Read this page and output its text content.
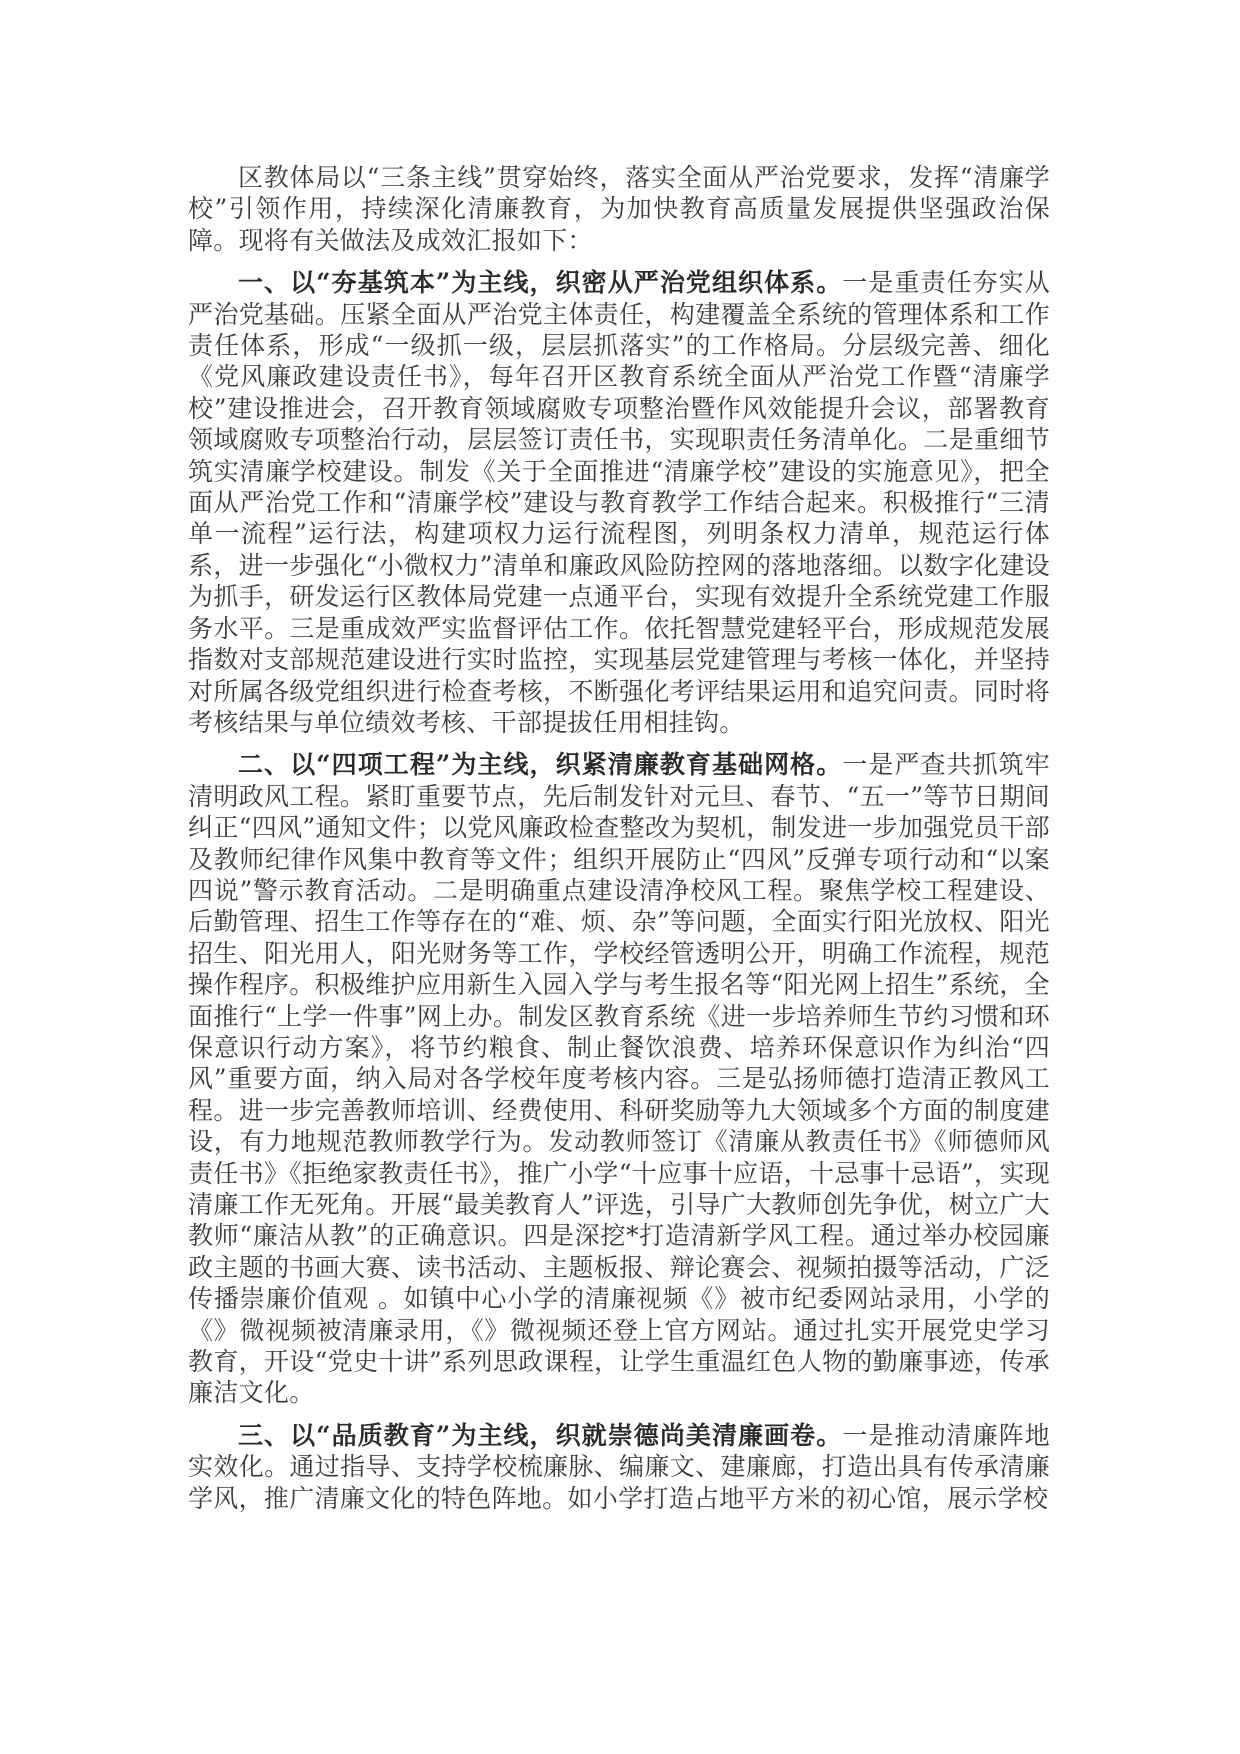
区教体局以“三条主线”贯穿始终，落实全面从严治党要求，发挥“清廉学校”引领作用，持续深化清廉教育，为加快教育高质量发展提供坚强政治保障。现将有关做法及成效汇报如下：

一、以“夯基筑本”为主线，织密从严治党组织体系。一是重责任夯实从严治党基础。压紧全面从严治党主体责任，构建覆盖全系统的管理体系和工作责任体系，形成“一级抓一级，层层抓落实”的工作格局。分层级完善、细化《党风廉政建设责任书》，每年召开区教育系统全面从严治党工作暨“清廉学校”建设推进会，召开教育领域腐败专项整治暨作风效能提升会议，部署教育领域腐败专项整治行动，层层签订责任书，实现职责任务清单化。二是重细节筑实清廉学校建设。制发《关于全面推进“清廉学校”建设的实施意见》，把全面从严治党工作和“清廉学校”建设与教育教学工作结合起来。积极推行“三清单一流程”运行法，构建项权力运行流程图，列明条权力清单，规范运行体系，进一步强化“小微权力”清单和廉政风险防控网的落地落细。以数字化建设为抓手，研发运行区教体局党建一点通平台，实现有效提升全系统党建工作服务水平。三是重成效严实监督评估工作。依托智慧党建轻平台，形成规范发展指数对支部规范建设进行实时监控，实现基层党建管理与考核一体化，并坚持对所属各级党组织进行检查考核，不断强化考评结果运用和追究问责。同时将考核结果与单位绩效考核、干部提拔任用相挂钩。

二、以“四项工程”为主线，织紧清廉教育基础网格。一是严查共抓筑牢清明政风工程。紧盯重要节点，先后制发针对元旦、春节、“五一”等节日期间纠正“四风”通知文件；以党风廉政检查整改为契机，制发进一步加强党员干部及教师纪律作风集中教育等文件；组织开展防止“四风”反弹专项行动和“以案四说”警示教育活动。二是明确重点建设清净校风工程。聚焦学校工程建设、后勤管理、招生工作等存在的“难、烦、杂”等问题，全面实行阳光放权、阳光招生、阳光用人，阳光财务等工作，学校经管透明公开，明确工作流程，规范操作程序。积极维护应用新生入园入学与考生报名等“阳光网上招生”系统，全面推行“上学一件事”网上办。制发区教育系统《进一步培养师生节约习惯和环保意识行动方案》，将节约粮食、制止餐饮浪费、培养环保意识作为纠治“四风”重要方面，纳入局对各学校年度考核内容。三是弘扬师德打造清正教风工程。进一步完善教师培训、经费使用、科研奖励等九大领域多个方面的制度建设，有力地规范教师教学行为。发动教师签订《清廉从教责任书》《师德师风责任书》《拒绝家教责任书》，推广小学“十应事十应语，十忌事十忌语”，实现清廉工作无死角。开展“最美教育人”评选，引导广大教师创先争优，树立广大教师“廉洁从教”的正确意识。四是深挖*打造清新学风工程。通过举办校园廉政主题的书画大赛、读书活动、主题板报、辩论赛会、视频拍摄等活动，广泛传播崇廉价值观 。如镇中心小学的清廉视频《》被市纪委网站录用，小学的《》微视频被清廉录用，《》微视频还登上官方网站。通过扎实开展党史学习教育，开设“党史十讲”系列思政课程，让学生重温红色人物的勤廉事迹，传承廉洁文化。

三、以“品质教育”为主线，织就崇德尚美清廉画卷。一是推动清廉阵地实效化。通过指导、支持学校梳廉脉、编廉文、建廉廊，打造出具有传承清廉学风，推广清廉文化的特色阵地。如小学打造占地平方米的初心馆，展示学校
